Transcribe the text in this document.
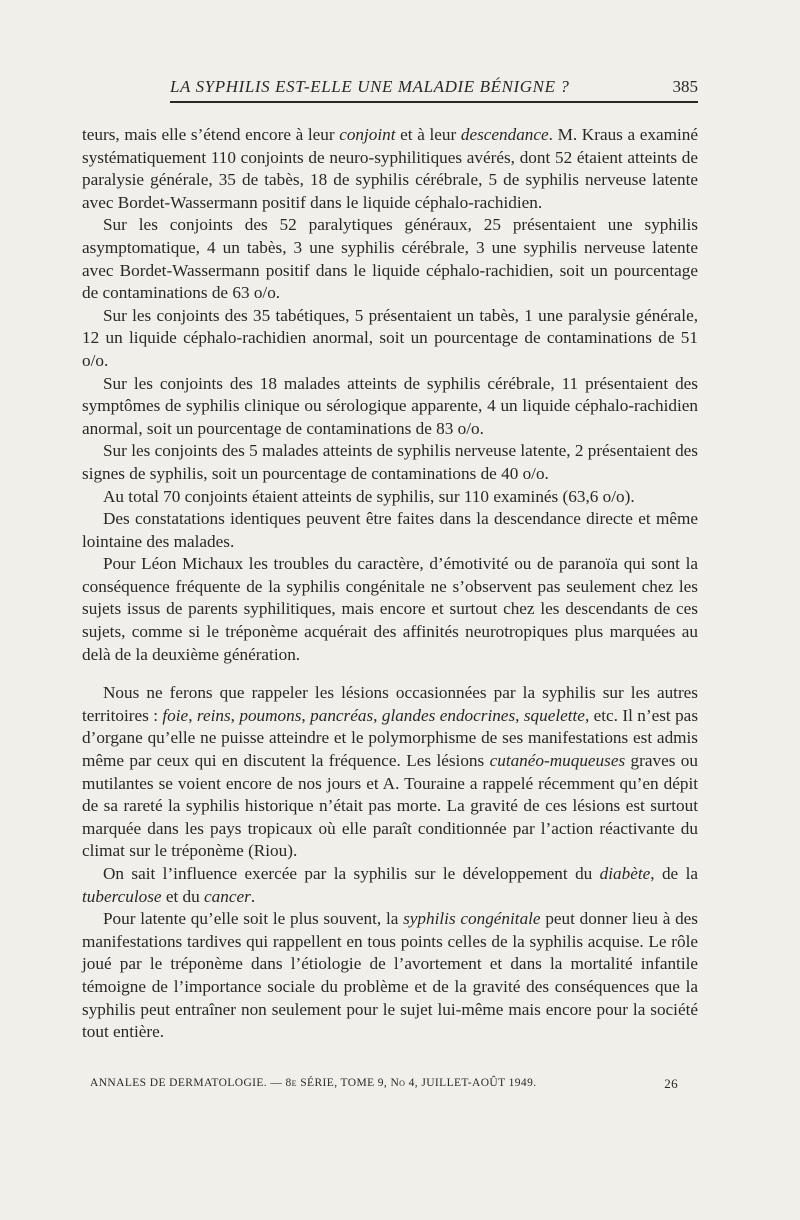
LA SYPHILIS EST-ELLE UNE MALADIE BÉNIGNE ?	385

teurs, mais elle s’étend encore à leur conjoint et à leur descendance. M. Kraus a examiné systématiquement 110 conjoints de neuro-syphilitiques avérés, dont 52 étaient atteints de paralysie générale, 35 de tabès, 18 de syphilis cérébrale, 5 de syphilis nerveuse latente avec Bordet-Wassermann positif dans le liquide céphalo-rachidien.

Sur les conjoints des 52 paralytiques généraux, 25 présentaient une syphilis asymptomatique, 4 un tabès, 3 une syphilis cérébrale, 3 une syphilis nerveuse latente avec Bordet-Wassermann positif dans le liquide céphalo-rachidien, soit un pourcentage de contaminations de 63 o/o.

Sur les conjoints des 35 tabétiques, 5 présentaient un tabès, 1 une paralysie générale, 12 un liquide céphalo-rachidien anormal, soit un pourcentage de contaminations de 51 o/o.

Sur les conjoints des 18 malades atteints de syphilis cérébrale, 11 présentaient des symptômes de syphilis clinique ou sérologique apparente, 4 un liquide céphalo-rachidien anormal, soit un pourcentage de contaminations de 83 o/o.

Sur les conjoints des 5 malades atteints de syphilis nerveuse latente, 2 présentaient des signes de syphilis, soit un pourcentage de contaminations de 40 o/o.

Au total 70 conjoints étaient atteints de syphilis, sur 110 examinés (63,6 o/o).

Des constatations identiques peuvent être faites dans la descendance directe et même lointaine des malades.

Pour Léon Michaux les troubles du caractère, d’émotivité ou de paranoïa qui sont la conséquence fréquente de la syphilis congénitale ne s’observent pas seulement chez les sujets issus de parents syphilitiques, mais encore et surtout chez les descendants de ces sujets, comme si le tréponème acquérait des affinités neurotropiques plus marquées au delà de la deuxième génération.

Nous ne ferons que rappeler les lésions occasionnées par la syphilis sur les autres territoires : foie, reins, poumons, pancréas, glandes endocrines, squelette, etc. Il n’est pas d’organe qu’elle ne puisse atteindre et le polymorphisme de ses manifestations est admis même par ceux qui en discutent la fréquence. Les lésions cutanéo-muqueuses graves ou mutilantes se voient encore de nos jours et A. Touraine a rappelé récemment qu’en dépit de sa rareté la syphilis historique n’était pas morte. La gravité de ces lésions est surtout marquée dans les pays tropicaux où elle paraît conditionnée par l’action réactivante du climat sur le tréponème (Riou).

On sait l’influence exercée par la syphilis sur le développement du diabète, de la tuberculose et du cancer.

Pour latente qu’elle soit le plus souvent, la syphilis congénitale peut donner lieu à des manifestations tardives qui rappellent en tous points celles de la syphilis acquise. Le rôle joué par le tréponème dans l’étiologie de l’avortement et dans la mortalité infantile témoigne de l’importance sociale du problème et de la gravité des conséquences que la syphilis peut entraîner non seulement pour le sujet lui-même mais encore pour la société tout entière.

ANNALES DE DERMATOLOGIE. — 8e SÉRIE, TOME 9, No 4, JUILLET-AOÛT 1949.	26
